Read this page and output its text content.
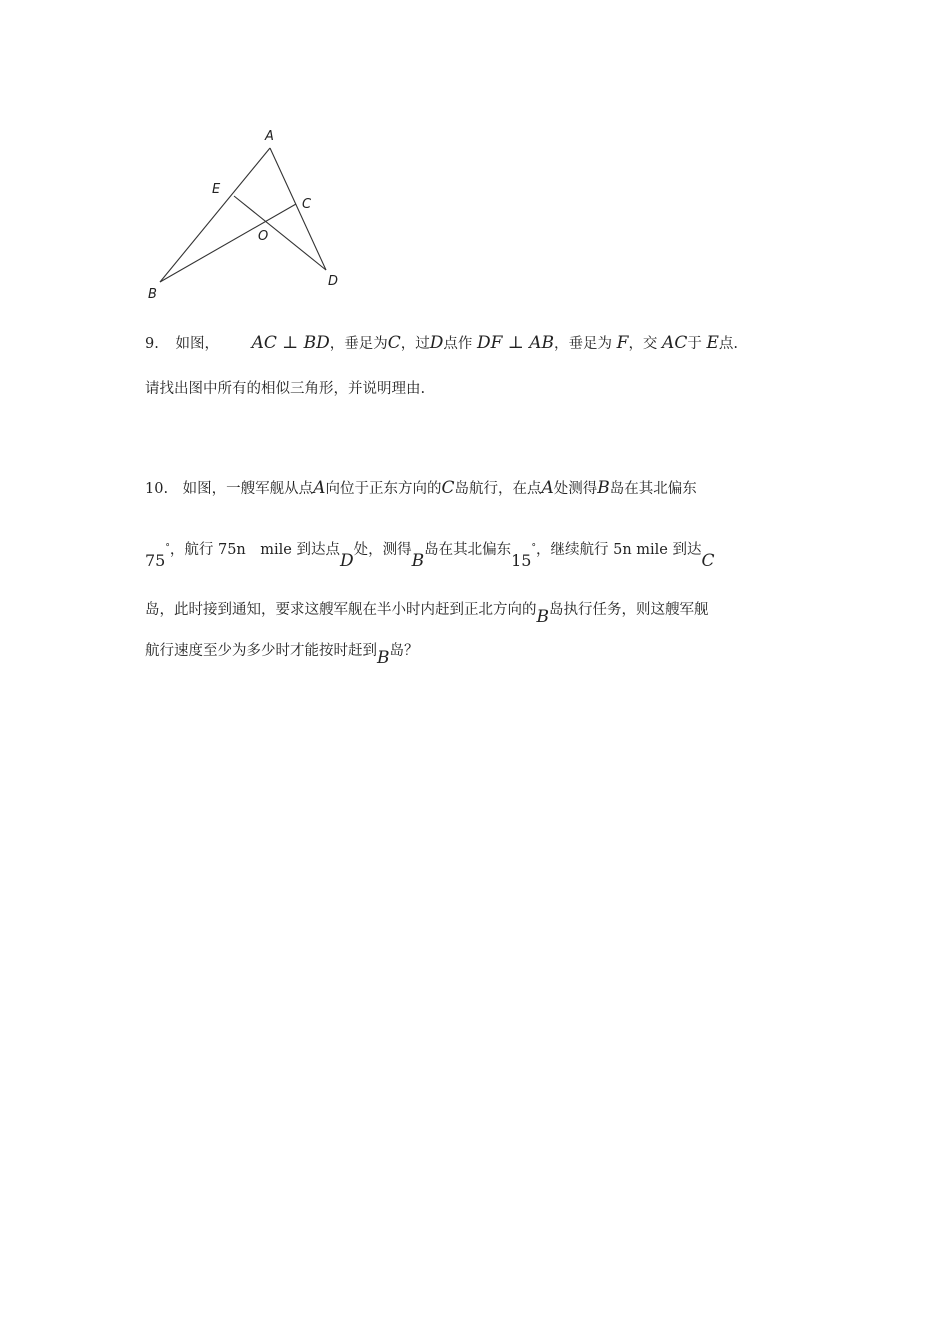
A
E
C
O
B
D
9. 如图， AC ⊥ BD，垂足为C，过D点作 DF ⊥ AB，垂足为 F，交 AC于 E点.
请找出图中所有的相似三角形，并说明理由.
10. 如图，一艘军舰从点A向位于正东方向的C岛航行，在点A处测得B岛在其北偏东
75°，航行 75n　mile 到达点D处，测得B岛在其北偏东15°，继续航行 5n mile 到达C
岛，此时接到通知，要求这艘军舰在半小时内赶到正北方向的B岛执行任务，则这艘军舰
航行速度至少为多少时才能按时赶到B岛？
